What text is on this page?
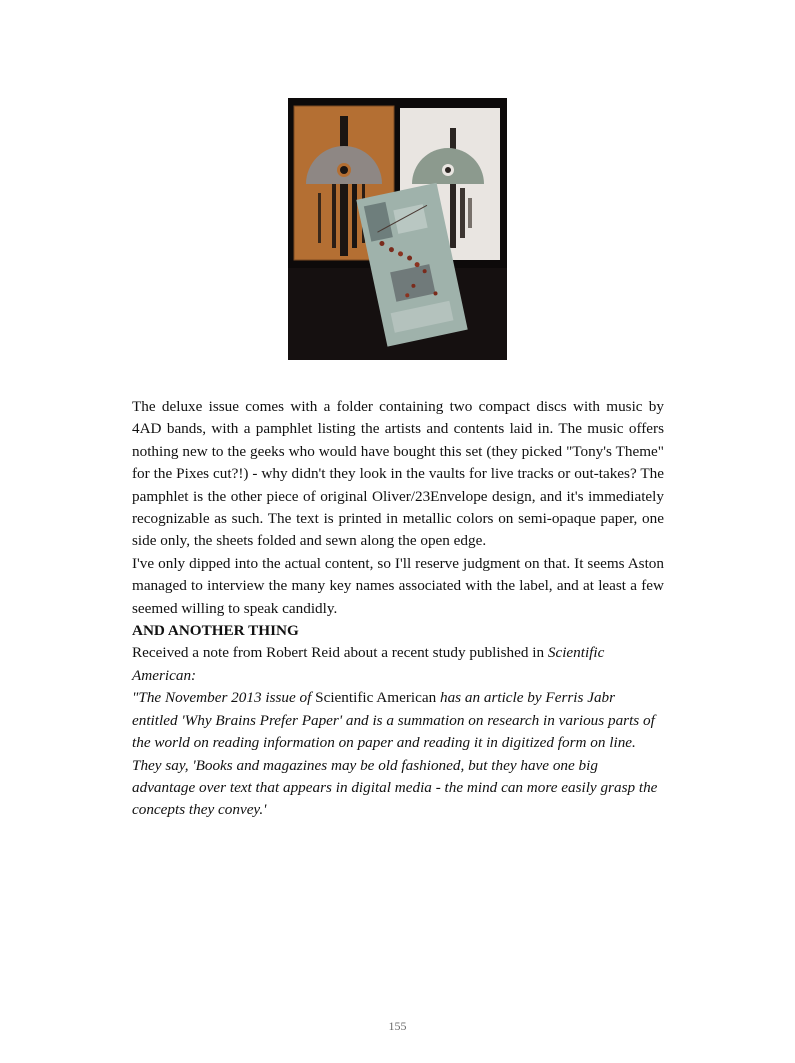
The deluxe issue comes with a folder containing two compact discs with music by 4AD bands, with a pamphlet listing the artists and contents laid in. The music offers nothing new to the geeks who would have bought this set (they picked "Tony's Theme" for the Pixes cut?!) - why didn't they look in the vaults for live tracks or out-takes? The pamphlet is the other piece of original Oliver/23Envelope design, and it's immediately recognizable as such. The text is printed in metallic colors on semi-opaque paper, one side only, the sheets folded and sewn along the open edge.

I've only dipped into the actual content, so I'll reserve judgment on that. It seems Aston managed to interview the many key names associated with the label, and at least a few seemed willing to speak candidly.

AND ANOTHER THING

Received a note from Robert Reid about a recent study published in Scientific American:

"The November 2013 issue of Scientific American has an article by Ferris Jabr entitled 'Why Brains Prefer Paper' and is a summation on research in various parts of the world on reading information on paper and reading it in digitized form on line. They say, 'Books and magazines may be old fashioned, but they have one big advantage over text that appears in digital media - the mind can more easily grasp the concepts they convey.'

155
